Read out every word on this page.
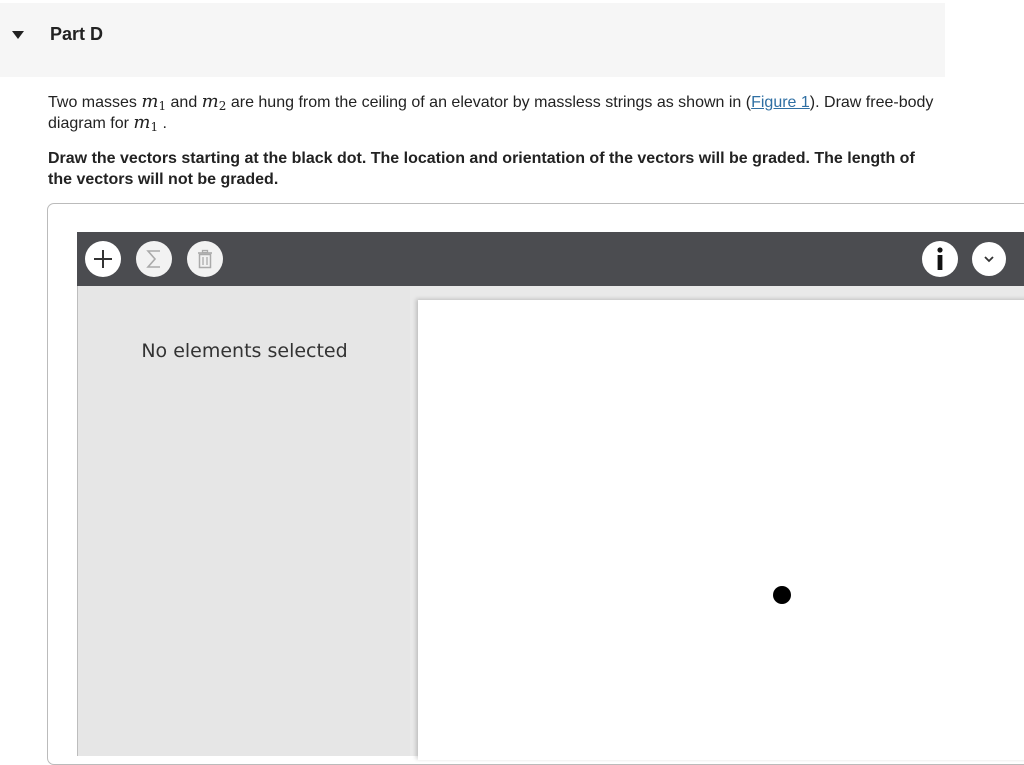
Part D
Two masses $m_1$ and $m_2$ are hung from the ceiling of an elevator by massless strings as shown in (Figure 1). Draw free-body diagram for $m_1$ .
Draw the vectors starting at the black dot. The location and orientation of the vectors will be graded. The length of the vectors will not be graded.
No elements selected
